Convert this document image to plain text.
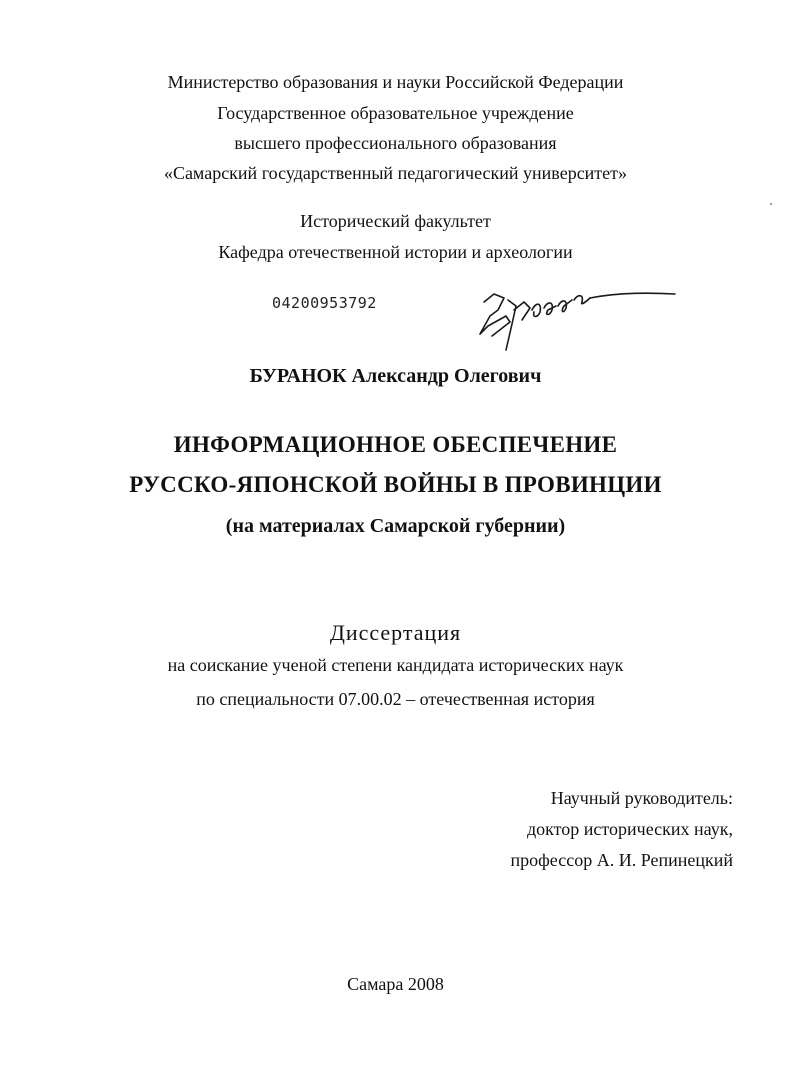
Министерство образования и науки Российской Федерации
Государственное образовательное учреждение
высшего профессионального образования
«Самарский государственный педагогический университет»
Исторический факультет
Кафедра отечественной истории и археологии
04200953792
БУРАНОК Александр Олегович
ИНФОРМАЦИОННОЕ ОБЕСПЕЧЕНИЕ
РУССКО-ЯПОНСКОЙ ВОЙНЫ В ПРОВИНЦИИ
(на материалах Самарской губернии)
Диссертация
на соискание ученой степени кандидата исторических наук
по специальности 07.00.02 – отечественная история
Научный руководитель:
доктор исторических наук,
профессор А. И. Репинецкий
Самара 2008
